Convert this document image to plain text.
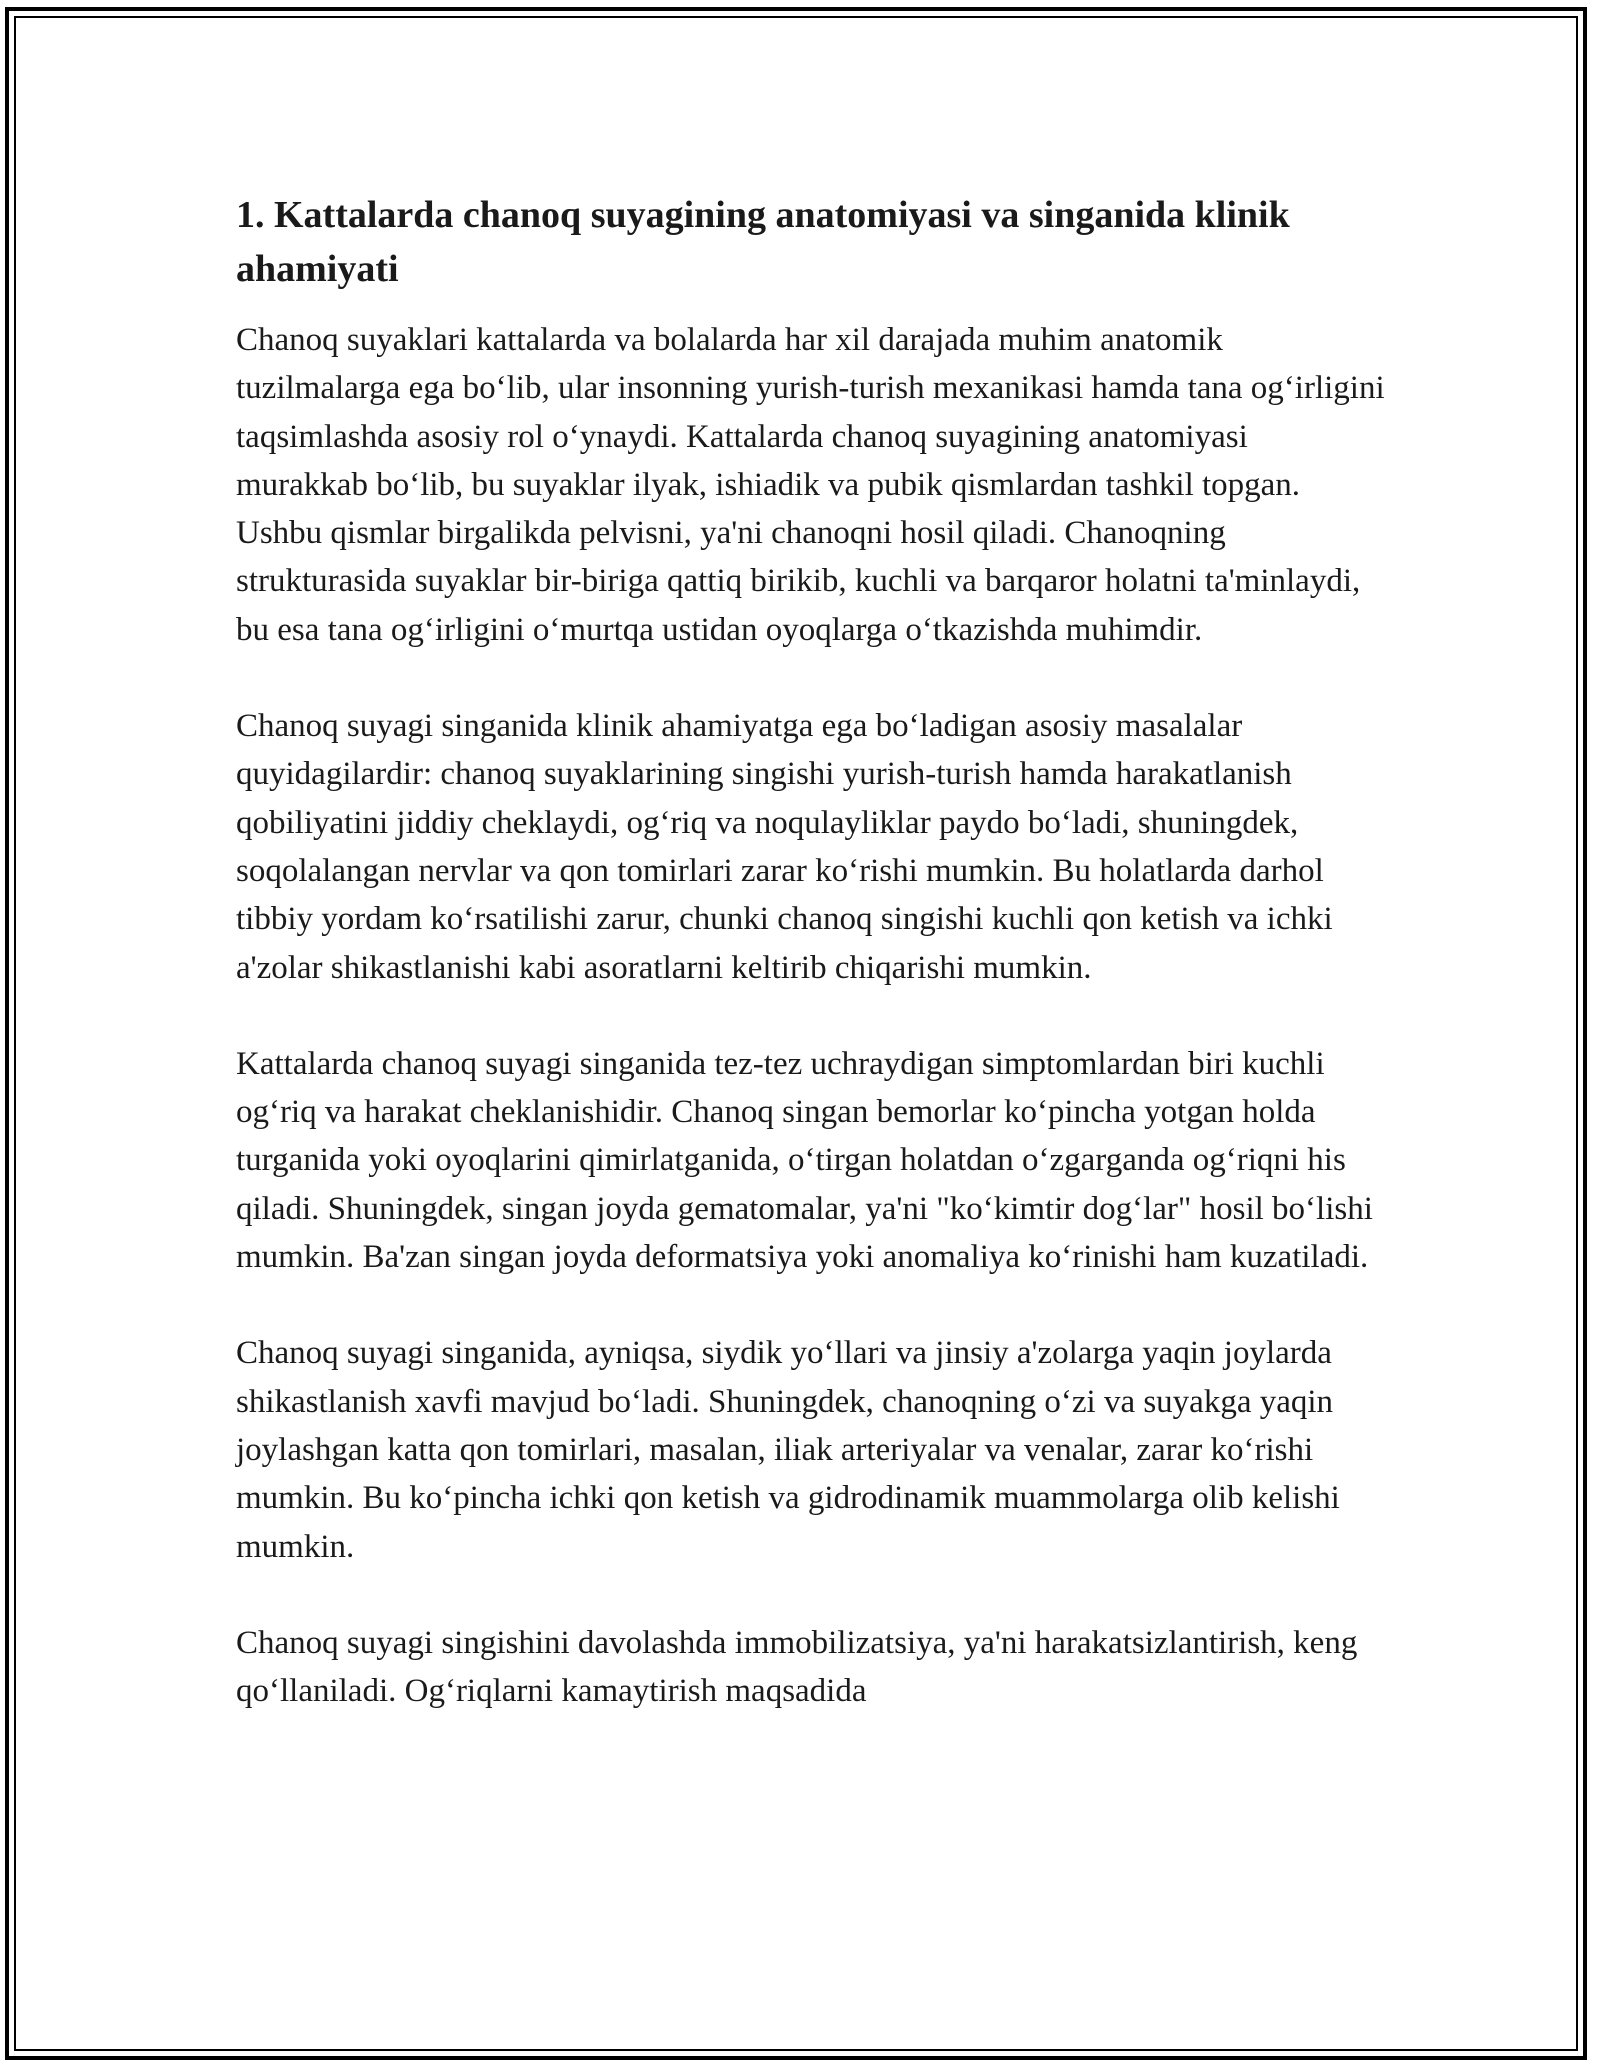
1. Kattalarda chanoq suyagining anatomiyasi va singanida klinik ahamiyati

Chanoq suyaklari kattalarda va bolalarda har xil darajada muhim anatomik tuzilmalarga ega bo‘lib, ular insonning yurish-turish mexanikasi hamda tana og‘irligini taqsimlashda asosiy rol o‘ynaydi. Kattalarda chanoq suyagining anatomiyasi murakkab bo‘lib, bu suyaklar ilyak, ishiadik va pubik qismlardan tashkil topgan. Ushbu qismlar birgalikda pelvisni, ya'ni chanoqni hosil qiladi. Chanoqning strukturasida suyaklar bir-biriga qattiq birikib, kuchli va barqaror holatni ta'minlaydi, bu esa tana og‘irligini o‘murtqa ustidan oyoqlarga o‘tkazishda muhimdir.

Chanoq suyagi singanida klinik ahamiyatga ega bo‘ladigan asosiy masalalar quyidagilardir: chanoq suyaklarining singishi yurish-turish hamda harakatlanish qobiliyatini jiddiy cheklaydi, og‘riq va noqulayliklar paydo bo‘ladi, shuningdek, soqolalangan nervlar va qon tomirlari zarar ko‘rishi mumkin. Bu holatlarda darhol tibbiy yordam ko‘rsatilishi zarur, chunki chanoq singishi kuchli qon ketish va ichki a'zolar shikastlanishi kabi asoratlarni keltirib chiqarishi mumkin.

Kattalarda chanoq suyagi singanida tez-tez uchraydigan simptomlardan biri kuchli og‘riq va harakat cheklanishidir. Chanoq singan bemorlar ko‘pincha yotgan holda turganida yoki oyoqlarini qimirlatganida, o‘tirgan holatdan o‘zgarganda og‘riqni his qiladi. Shuningdek, singan joyda gematomalar, ya'ni "ko‘kimtir dog‘lar" hosil bo‘lishi mumkin. Ba'zan singan joyda deformatsiya yoki anomaliya ko‘rinishi ham kuzatiladi.

Chanoq suyagi singanida, ayniqsa, siydik yo‘llari va jinsiy a'zolarga yaqin joylarda shikastlanish xavfi mavjud bo‘ladi. Shuningdek, chanoqning o‘zi va suyakga yaqin joylashgan katta qon tomirlari, masalan, iliak arteriyalar va venalar, zarar ko‘rishi mumkin. Bu ko‘pincha ichki qon ketish va gidrodinamik muammolarga olib kelishi mumkin.

Chanoq suyagi singishini davolashda immobilizatsiya, ya'ni harakatsizlantirish, keng qo‘llaniladi. Og‘riqlarni kamaytirish maqsadida
